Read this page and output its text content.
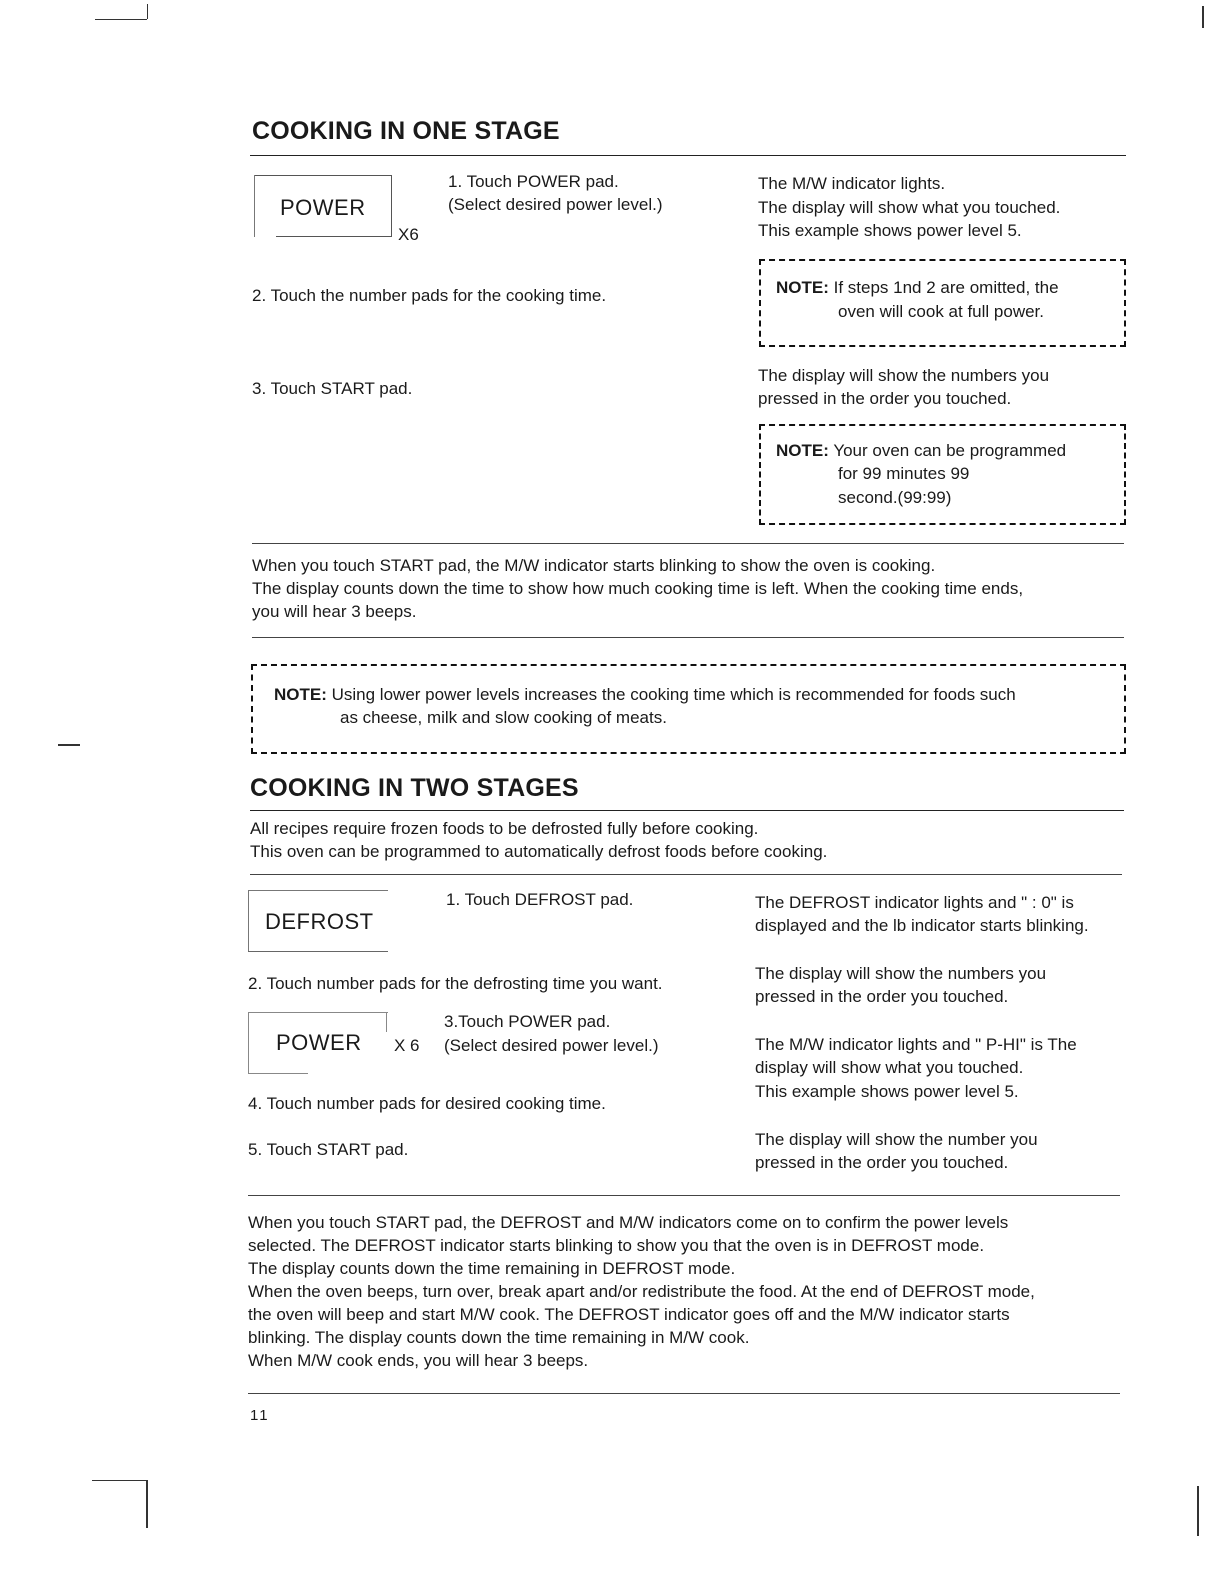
COOKING IN ONE STAGE
POWER
X6
1. Touch POWER pad.
(Select desired power level.)
The M/W indicator lights.
The display will show what you touched.
This example shows power level 5.
NOTE: If steps 1nd 2 are omitted, the
oven will cook at full power.
2. Touch the number pads for the cooking time.
3. Touch START pad.
The display will show the numbers you
pressed in the order you touched.
NOTE: Your oven can be programmed
for 99 minutes 99
second.(99:99)
When you touch START pad, the M/W indicator starts blinking to show the oven is cooking.
The display counts down the time to show how much cooking time is left. When the cooking time ends,
you will hear 3 beeps.
NOTE: Using lower power levels increases the cooking time which is recommended for foods such
as cheese, milk and slow cooking of meats.
COOKING IN TWO STAGES
All recipes require frozen foods to be defrosted fully before cooking.
This oven can be programmed to automatically defrost foods before cooking.
DEFROST
1. Touch DEFROST pad.	The DEFROST indicator lights and " : 0" is
displayed and the lb indicator starts blinking.
2. Touch number pads for the defrosting time you want.
The display will show the numbers you
pressed in the order you touched.
POWER X 6
3.Touch POWER pad.
(Select desired power level.)	The M/W indicator lights and " P-HI" is The
display will show what you touched.
This example shows power level 5.
4. Touch number pads for desired cooking time.
5. Touch START pad.
The display will show the number you
pressed in the order you touched.
When you touch START pad, the DEFROST and M/W indicators come on to confirm the power levels
selected. The DEFROST indicator starts blinking to show you that the oven is in DEFROST mode.
The display counts down the time remaining in DEFROST mode.
When the oven beeps, turn over, break apart and/or redistribute the food. At the end of DEFROST mode,
the oven will beep and start M/W cook. The DEFROST indicator goes off and the M/W indicator starts
blinking. The display counts down the time remaining in M/W cook.
When M/W cook ends, you will hear 3 beeps.
11
